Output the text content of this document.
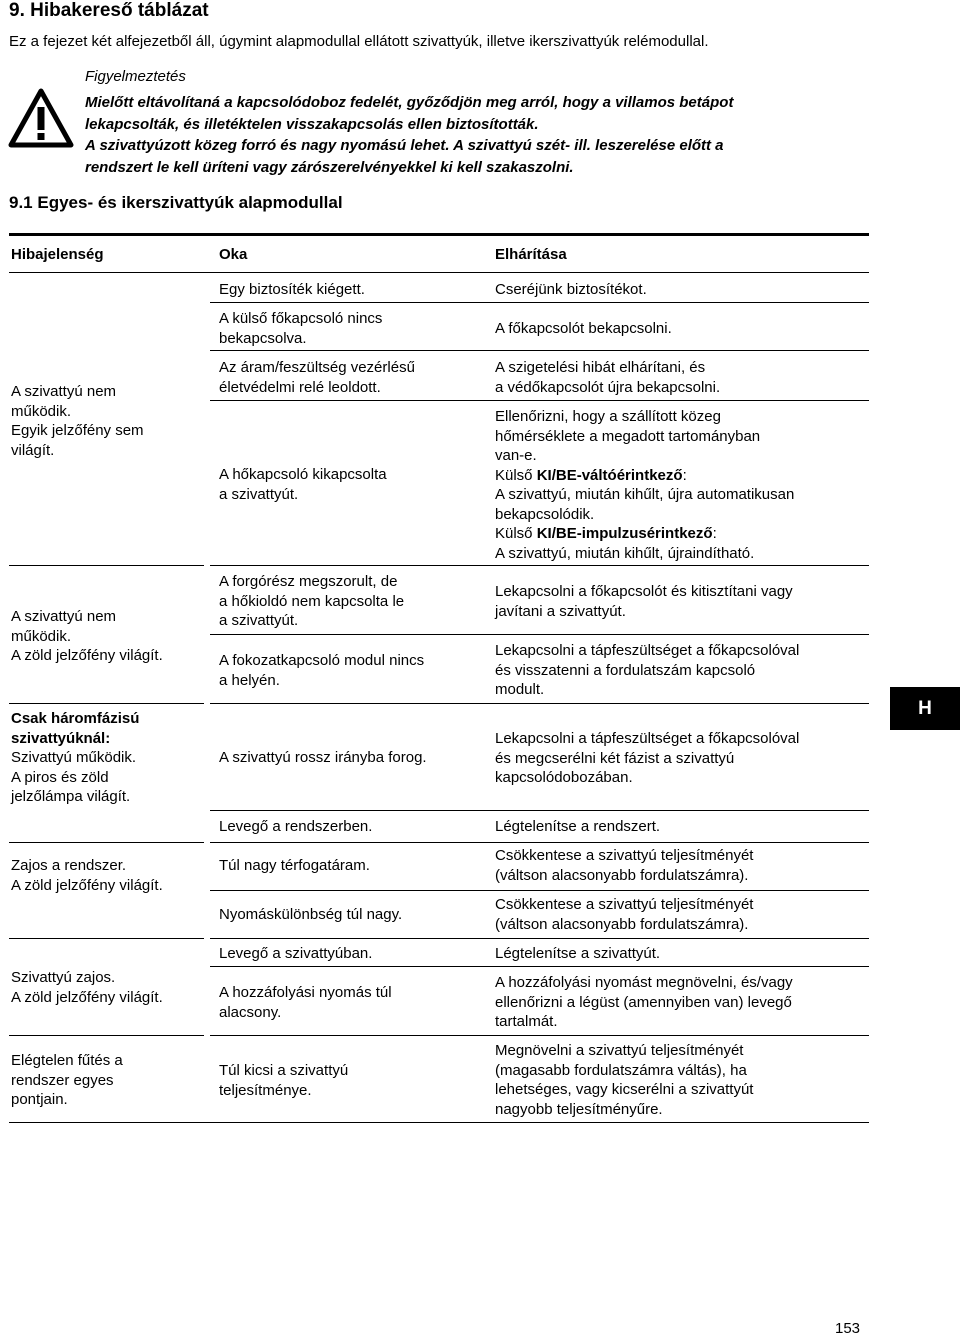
9. Hibakereső táblázat
Ez a fejezet két alfejezetből áll, úgymint alapmodullal ellátott szivattyúk, illetve ikerszivattyúk relémodullal.
Figyelmeztetés

Mielőtt eltávolítaná a kapcsolódoboz fedelét, győződjön meg arról, hogy a villamos betápot

lekapcsolták, és illetéktelen visszakapcsolás ellen biztosították.

A szivattyúzott közeg forró és nagy nyomású lehet. A szivattyú szét- ill. leszerelése előtt a

rendszert le kell üríteni vagy zárószerelvényekkel ki kell szakaszolni.

9.1 Egyes- és ikerszivattyúk alapmodullal
Hibajelenség	Oka	Elhárítása
A szivattyú nem
működik.
Egyik jelzőfény sem
világít.
A szivattyú nem
működik.
A zöld jelzőfény világít.
Csak háromfázisú
szivattyúknál:
Szivattyú működik.
A piros és zöld
jelzőlámpa világít.
Zajos a rendszer.
A zöld jelzőfény világít.
Szivattyú zajos.
A zöld jelzőfény világít.
Elégtelen fűtés a
rendszer egyes
pontjain.
Egy biztosíték kiégett.
A külső főkapcsoló nincs
bekapcsolva.
Az áram/feszültség vezérlésű
életvédelmi relé leoldott.
A hőkapcsoló kikapcsolta
a szivattyút.
A forgórész megszorult, de
a hőkioldó nem kapcsolta le
a szivattyút.
A fokozatkapcsoló modul nincs
a helyén.
A szivattyú rossz irányba forog.
Levegő a rendszerben.
Túl nagy térfogatáram.
Nyomáskülönbség túl nagy.
Levegő a szivattyúban.
A hozzáfolyási nyomás túl
alacsony.
Túl kicsi a szivattyú
teljesítménye.
Cseréjünk biztosítékot.
A főkapcsolót bekapcsolni.
A szigetelési hibát elhárítani, és
a védőkapcsolót újra bekapcsolni.
Ellenőrizni, hogy a szállított közeg
hőmérséklete a megadott tartományban
van-e.
Külső KI/BE-váltóérintkező:
A szivattyú, miután kihűlt, újra automatikusan
bekapcsolódik.
Külső KI/BE-impulzusérintkező:
A szivattyú, miután kihűlt, újraindítható.
Lekapcsolni a főkapcsolót és kitisztítani vagy
javítani a szivattyút.
Lekapcsolni a tápfeszültséget a főkapcsolóval
és visszatenni a fordulatszám kapcsoló
modult.
Lekapcsolni a tápfeszültséget a főkapcsolóval
és megcserélni két fázist a szivattyú
kapcsolódobozában.
Légtelenítse a rendszert.
Csökkentese a szivattyú teljesítményét
(váltson alacsonyabb fordulatszámra).
Csökkentese a szivattyú teljesítményét
(váltson alacsonyabb fordulatszámra).
Légtelenítse a szivattyút.
A hozzáfolyási nyomást megnövelni, és/vagy
ellenőrizni a légüst (amennyiben van) levegő
tartalmát.
Megnövelni a szivattyú teljesítményét
(magasabb fordulatszámra váltás), ha
lehetséges, vagy kicserélni a szivattyút
nagyobb teljesítményűre.
H
153
